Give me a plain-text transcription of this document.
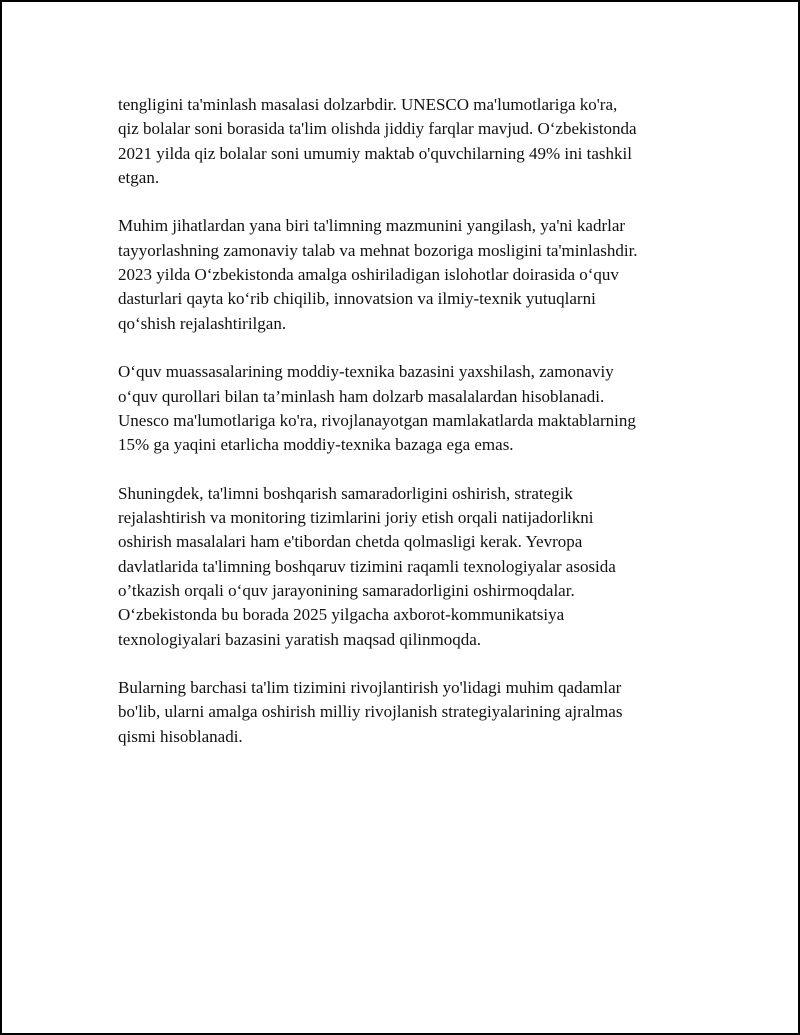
tengligini ta'minlash masalasi dolzarbdir. UNESCO ma'lumotlariga ko'ra,
qiz bolalar soni borasida ta'lim olishda jiddiy farqlar mavjud. O‘zbekistonda
2021 yilda qiz bolalar soni umumiy maktab o'quvchilarning 49% ini tashkil
etgan.

Muhim jihatlardan yana biri ta'limning mazmunini yangilash, ya'ni kadrlar
tayyorlashning zamonaviy talab va mehnat bozoriga mosligini ta'minlashdir.
2023 yilda O‘zbekistonda amalga oshiriladigan islohotlar doirasida o‘quv
dasturlari qayta ko‘rib chiqilib, innovatsion va ilmiy-texnik yutuqlarni
qo‘shish rejalashtirilgan.

O‘quv muassasalarining moddiy-texnika bazasini yaxshilash, zamonaviy
o‘quv qurollari bilan ta’minlash ham dolzarb masalalardan hisoblanadi.
Unesco ma'lumotlariga ko'ra, rivojlanayotgan mamlakatlarda maktablarning
15% ga yaqini etarlicha moddiy-texnika bazaga ega emas.

Shuningdek, ta'limni boshqarish samaradorligini oshirish, strategik
rejalashtirish va monitoring tizimlarini joriy etish orqali natijadorlikni
oshirish masalalari ham e'tibordan chetda qolmasligi kerak. Yevropa
davlatlarida ta'limning boshqaruv tizimini raqamli texnologiyalar asosida
o’tkazish orqali o‘quv jarayonining samaradorligini oshirmoqdalar.
O‘zbekistonda bu borada 2025 yilgacha axborot-kommunikatsiya
texnologiyalari bazasini yaratish maqsad qilinmoqda.

Bularning barchasi ta'lim tizimini rivojlantirish yo'lidagi muhim qadamlar
bo'lib, ularni amalga oshirish milliy rivojlanish strategiyalarining ajralmas
qismi hisoblanadi.
